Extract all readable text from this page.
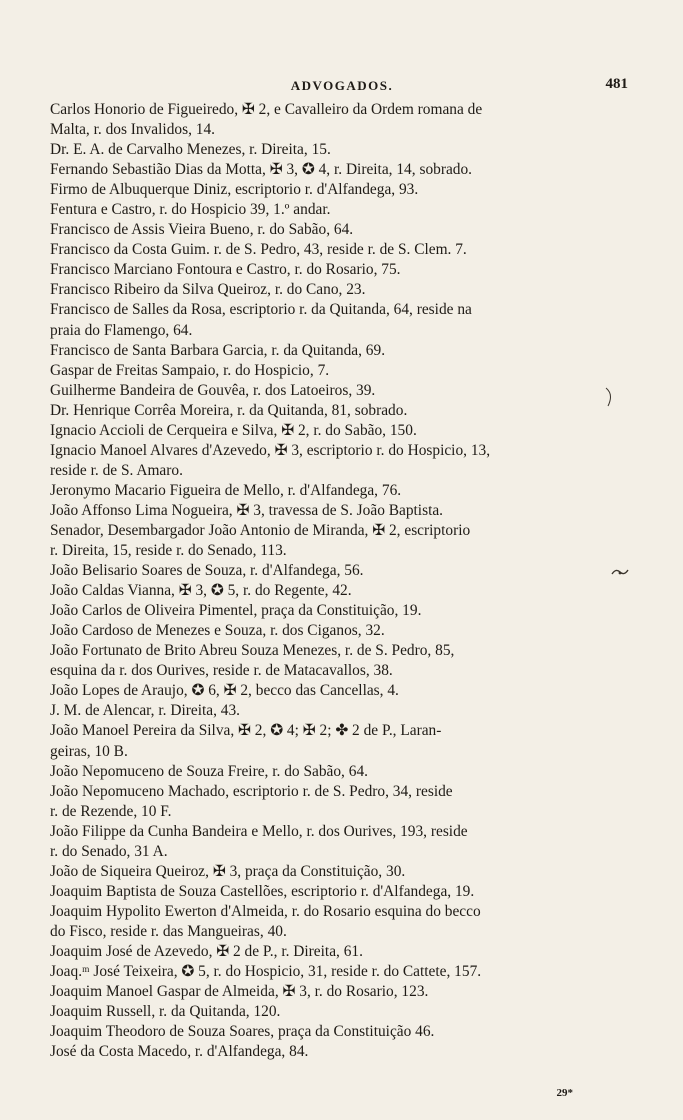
ADVOGADOS.	481

Carlos Honorio de Figueiredo, ✠ 2, e Cavalleiro da Ordem romana de
Malta, r. dos Invalidos, 14.

Dr. E. A. de Carvalho Menezes, r. Direita, 15.

Fernando Sebastião Dias da Motta, ✠ 3, ✪ 4, r. Direita, 14, sobrado.

Firmo de Albuquerque Diniz, escriptorio r. d'Alfandega, 93.

Fentura e Castro, r. do Hospicio 39, 1.º andar.

Francisco de Assis Vieira Bueno, r. do Sabão, 64.

Francisco da Costa Guim. r. de S. Pedro, 43, reside r. de S. Clem. 7.

Francisco Marciano Fontoura e Castro, r. do Rosario, 75.

Francisco Ribeiro da Silva Queiroz, r. do Cano, 23.

Francisco de Salles da Rosa, escriptorio r. da Quitanda, 64, reside na
praia do Flamengo, 64.

Francisco de Santa Barbara Garcia, r. da Quitanda, 69.

Gaspar de Freitas Sampaio, r. do Hospicio, 7.

Guilherme Bandeira de Gouvêa, r. dos Latoeiros, 39.

Dr. Henrique Corrêa Moreira, r. da Quitanda, 81, sobrado.

Ignacio Accioli de Cerqueira e Silva, ✠ 2, r. do Sabão, 150.

Ignacio Manoel Alvares d'Azevedo, ✠ 3, escriptorio r. do Hospicio, 13,
reside r. de S. Amaro.

Jeronymo Macario Figueira de Mello, r. d'Alfandega, 76.

João Affonso Lima Nogueira, ✠ 3, travessa de S. João Baptista.

Senador, Desembargador João Antonio de Miranda, ✠ 2, escriptorio
r. Direita, 15, reside r. do Senado, 113.

João Belisario Soares de Souza, r. d'Alfandega, 56.

João Caldas Vianna, ✠ 3, ✪ 5, r. do Regente, 42.

João Carlos de Oliveira Pimentel, praça da Constituição, 19.

João Cardoso de Menezes e Souza, r. dos Ciganos, 32.

João Fortunato de Brito Abreu Souza Menezes, r. de S. Pedro, 85,
esquina da r. dos Ourives, reside r. de Matacavallos, 38.

João Lopes de Araujo, ✪ 6, ✠ 2, becco das Cancellas, 4.

J. M. de Alencar, r. Direita, 43.

João Manoel Pereira da Silva, ✠ 2, ✪ 4; ✠ 2; ✤ 2 de P., Laran-
geiras, 10 B.

João Nepomuceno de Souza Freire, r. do Sabão, 64.

João Nepomuceno Machado, escriptorio r. de S. Pedro, 34, reside
r. de Rezende, 10 F.

João Filippe da Cunha Bandeira e Mello, r. dos Ourives, 193, reside
r. do Senado, 31 A.

João de Siqueira Queiroz, ✠ 3, praça da Constituição, 30.

Joaquim Baptista de Souza Castellões, escriptorio r. d'Alfandega, 19.

Joaquim Hypolito Ewerton d'Almeida, r. do Rosario esquina do becco
do Fisco, reside r. das Mangueiras, 40.

Joaquim José de Azevedo, ✠ 2 de P., r. Direita, 61.

Joaq.ᵐ José Teixeira, ✪ 5, r. do Hospicio, 31, reside r. do Cattete, 157.

Joaquim Manoel Gaspar de Almeida, ✠ 3, r. do Rosario, 123.

Joaquim Russell, r. da Quitanda, 120.

Joaquim Theodoro de Souza Soares, praça da Constituição 46.

José da Costa Macedo, r. d'Alfandega, 84.

29*
